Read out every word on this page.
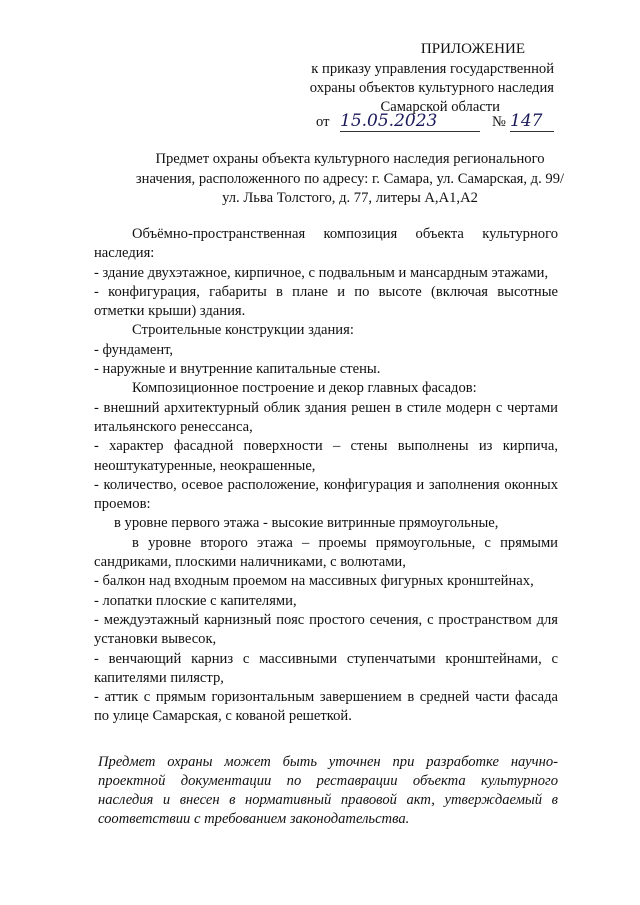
ПРИЛОЖЕНИЕ
к приказу управления государственной
охраны объектов культурного наследия
Самарской области
от 15.05.2023	№ 147
Предмет охраны объекта культурного наследия регионального
значения, расположенного по адресу: г. Самара, ул. Самарская, д. 99/
ул. Льва Толстого, д. 77, литеры А,А1,А2

Объёмно-пространственная композиция объекта культурного наследия:

- здание двухэтажное, кирпичное, с подвальным и мансардным этажами,

- конфигурация, габариты в плане и по высоте (включая высотные отметки крыши) здания.

Строительные конструкции здания:

- фундамент,

- наружные и внутренние капитальные стены.

Композиционное построение и декор главных фасадов:

- внешний архитектурный облик здания решен в стиле модерн с чертами итальянского ренессанса,

- характер фасадной поверхности – стены выполнены из кирпича, неоштукатуренные, неокрашенные,

- количество, осевое расположение, конфигурация и заполнения оконных проемов:

в уровне первого этажа - высокие витринные прямоугольные,

в уровне второго этажа – проемы прямоугольные, с прямыми сандриками, плоскими наличниками, с волютами,

- балкон над входным проемом на массивных фигурных кронштейнах,

- лопатки плоские с капителями,

- междуэтажный карнизный пояс простого сечения, с пространством для установки вывесок,

- венчающий карниз с массивными ступенчатыми кронштейнами, с капителями пилястр,

- аттик с прямым горизонтальным завершением в средней части фасада по улице Самарская, с кованой решеткой.

Предмет охраны может быть уточнен при разработке научно-проектной документации по реставрации объекта культурного наследия и внесен в нормативный правовой акт, утверждаемый в соответствии с требованием законодательства.
